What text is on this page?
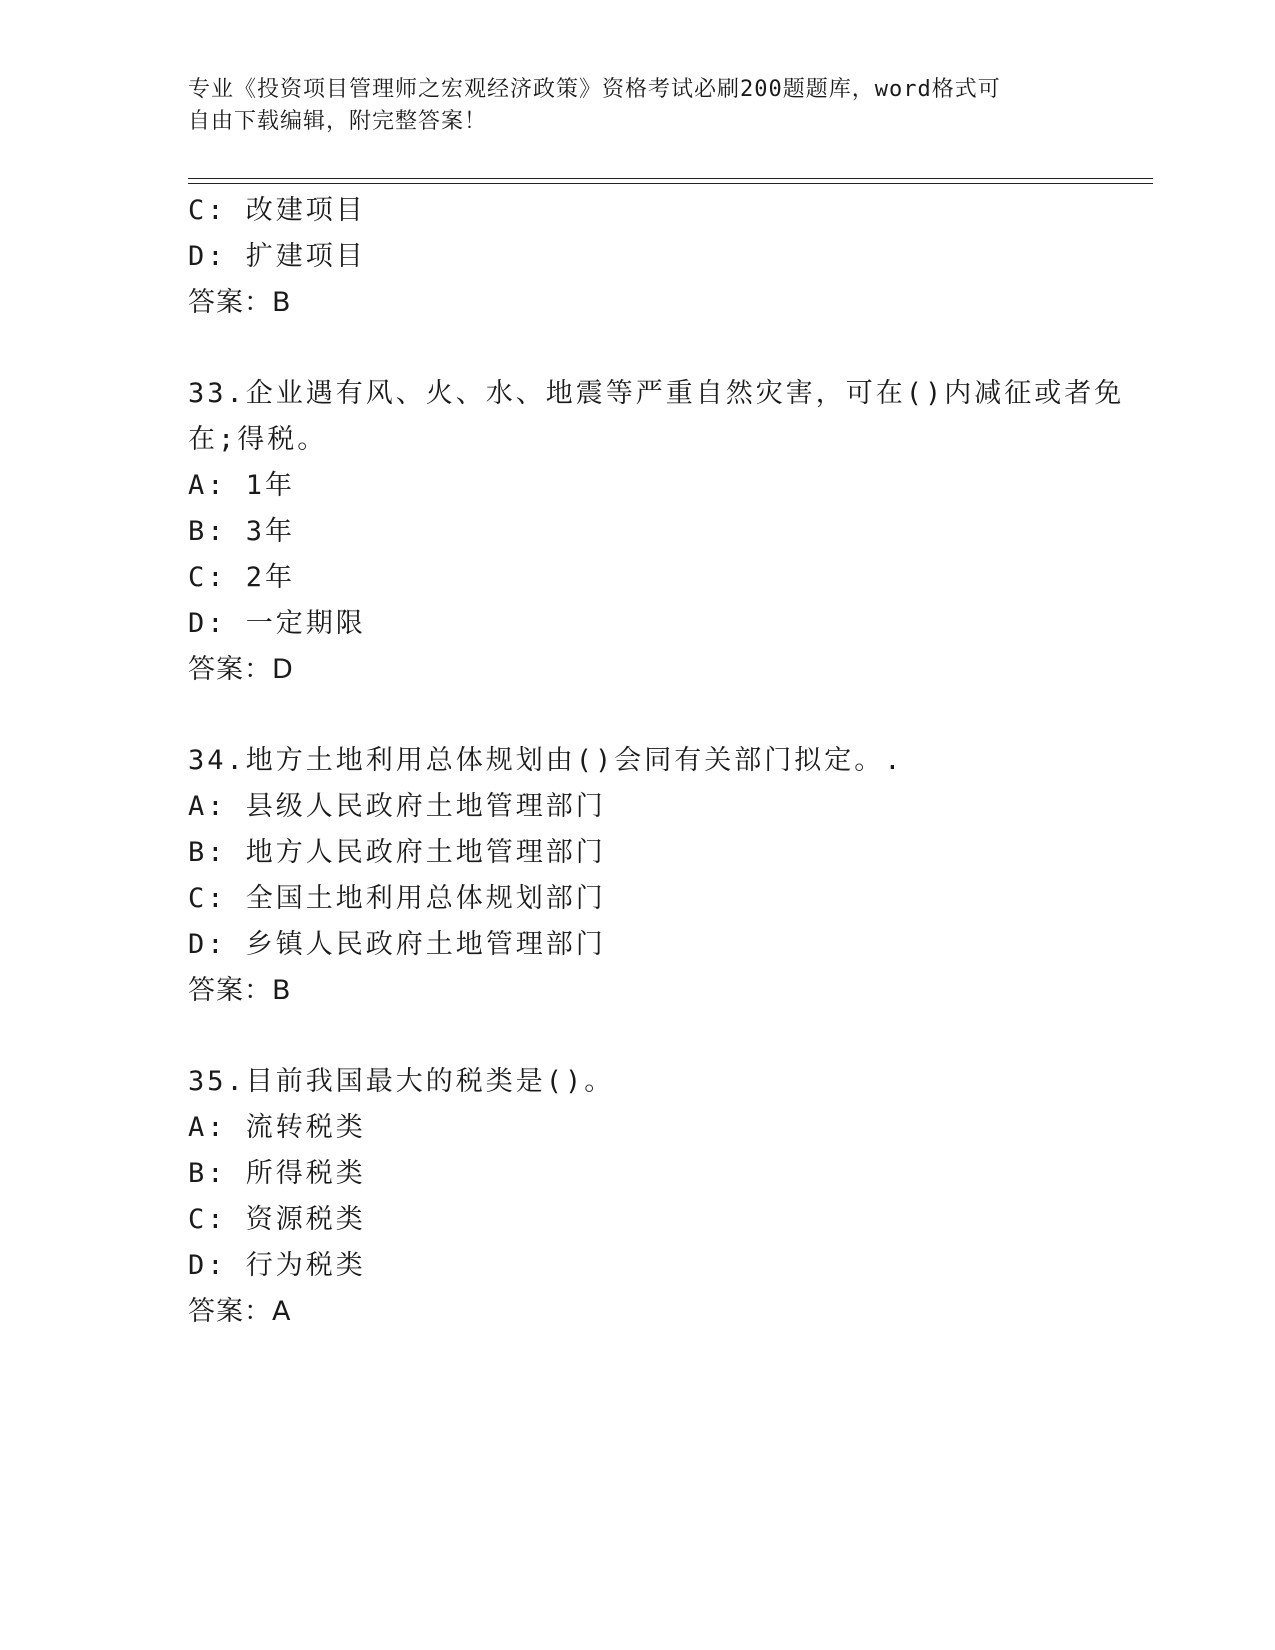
专业《投资项目管理师之宏观经济政策》资格考试必刷200题题库，word格式可
自由下载编辑，附完整答案！
C: 改建项目
D: 扩建项目
答案：B
33.企业遇有风、火、水、地震等严重自然灾害，可在()内减征或者免
在;得税。
A: 1年
B: 3年
C: 2年
D: 一定期限
答案：D
34.地方土地利用总体规划由()会同有关部门拟定。.
A: 县级人民政府土地管理部门
B: 地方人民政府土地管理部门
C: 全国土地利用总体规划部门
D: 乡镇人民政府土地管理部门
答案：B
35.目前我国最大的税类是()。
A: 流转税类
B: 所得税类
C: 资源税类
D: 行为税类
答案：A
